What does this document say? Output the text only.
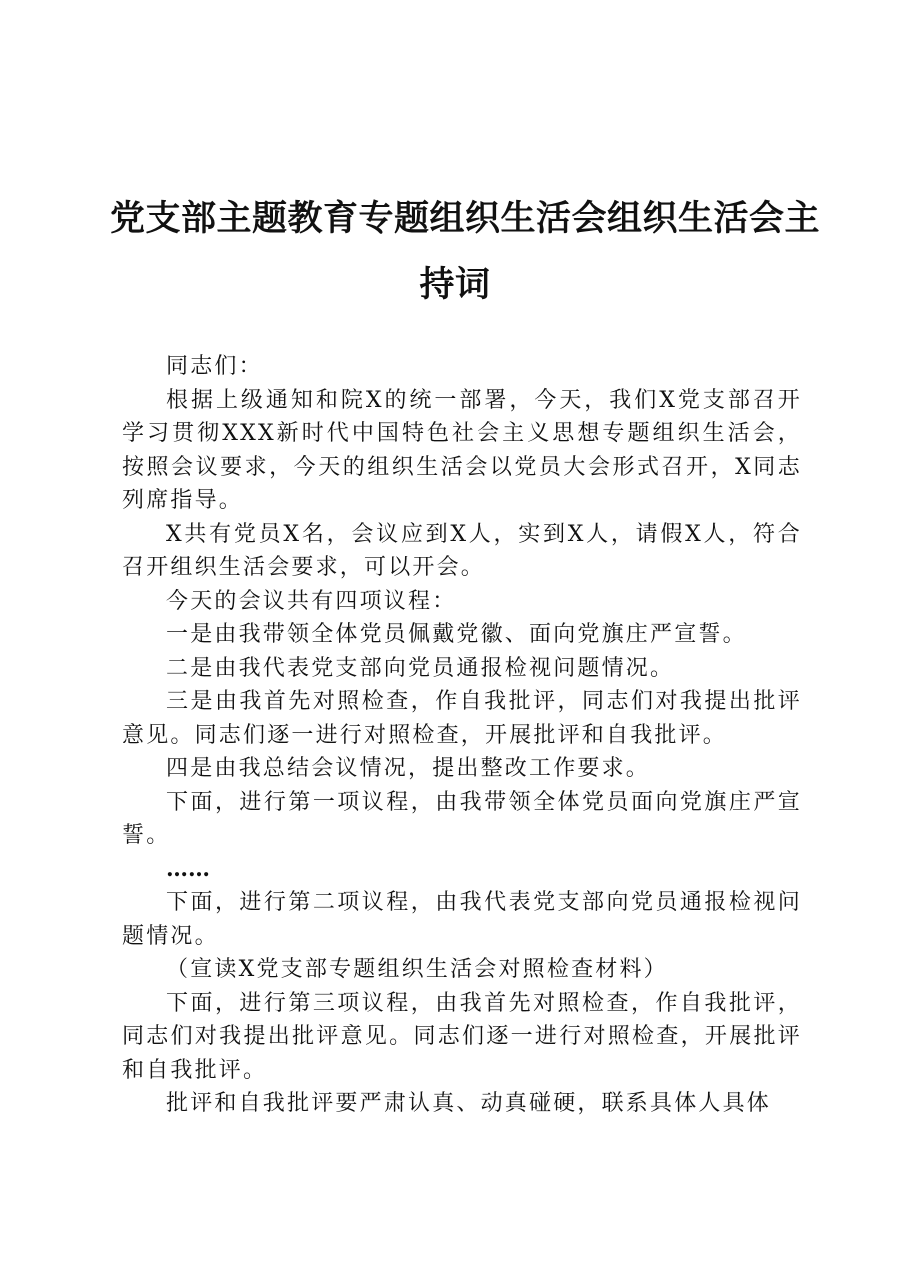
党支部主题教育专题组织生活会组织生活会主
持词

同志们：

根据上级通知和院X的统一部署，今天，我们X党支部召开学习贯彻XXX新时代中国特色社会主义思想专题组织生活会，按照会议要求，今天的组织生活会以党员大会形式召开，X同志列席指导。

X共有党员X名，会议应到X人，实到X人，请假X人，符合召开组织生活会要求，可以开会。

今天的会议共有四项议程：

一是由我带领全体党员佩戴党徽、面向党旗庄严宣誓。

二是由我代表党支部向党员通报检视问题情况。

三是由我首先对照检查，作自我批评，同志们对我提出批评意见。同志们逐一进行对照检查，开展批评和自我批评。

四是由我总结会议情况，提出整改工作要求。

下面，进行第一项议程，由我带领全体党员面向党旗庄严宣誓。

……

下面，进行第二项议程，由我代表党支部向党员通报检视问题情况。

（宣读X党支部专题组织生活会对照检查材料）

下面，进行第三项议程，由我首先对照检查，作自我批评，同志们对我提出批评意见。同志们逐一进行对照检查，开展批评和自我批评。

批评和自我批评要严肃认真、动真碰硬，联系具体人具体
